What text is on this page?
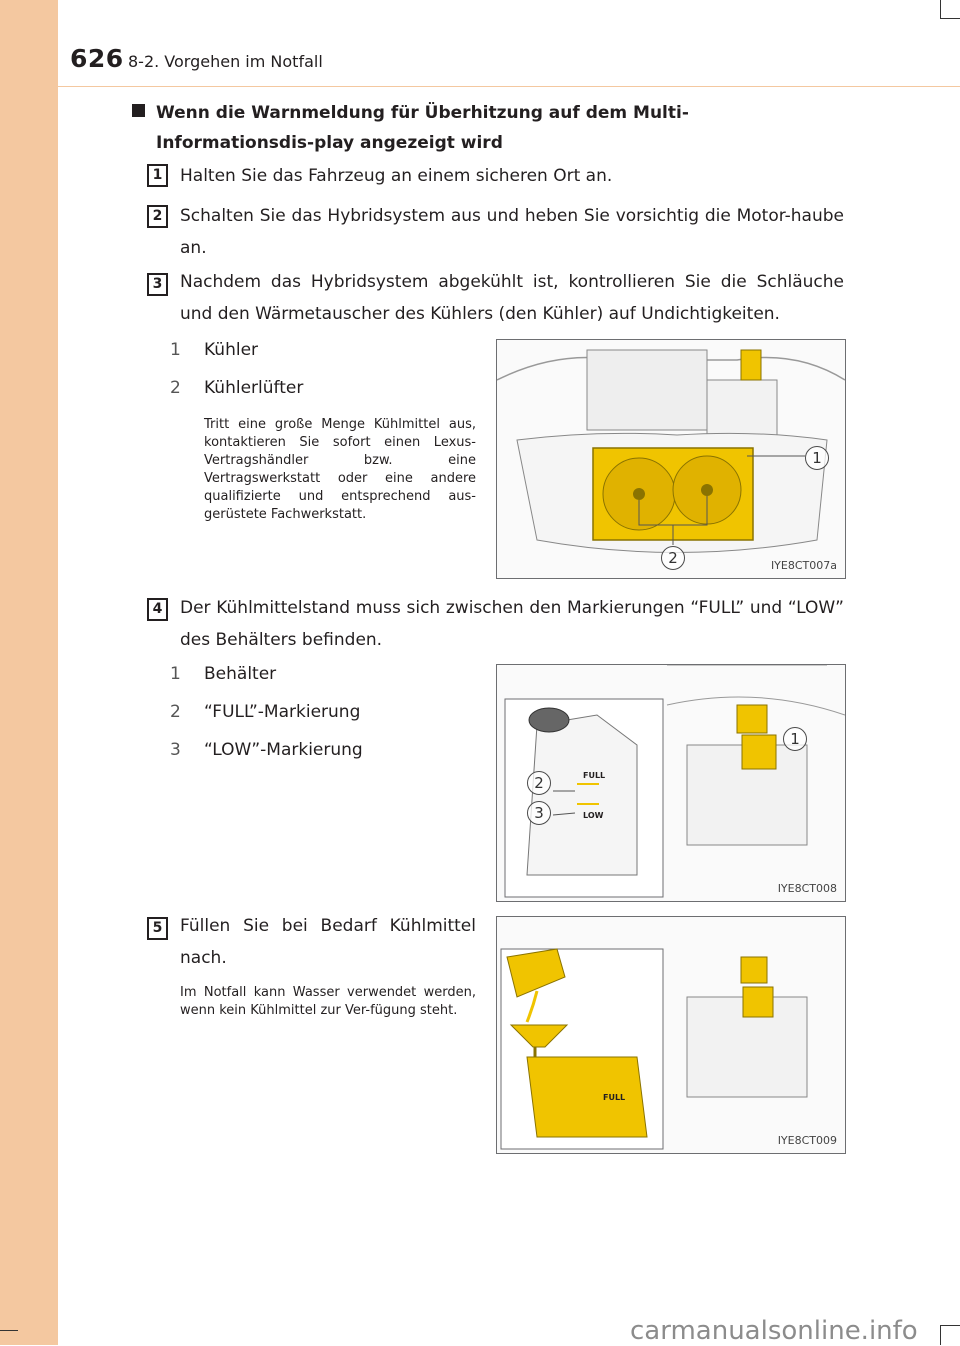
626 8-2. Vorgehen im Notfall
Wenn die Warnmeldung für Überhitzung auf dem Multi-Informationsdis-play angezeigt wird
1	Halten Sie das Fahrzeug an einem sicheren Ort an.
2	Schalten Sie das Hybridsystem aus und heben Sie vorsichtig die Motor-haube an.
3	Nachdem das Hybridsystem abgekühlt ist, kontrollieren Sie die Schläuche und den Wärmetauscher des Kühlers (den Kühler) auf Undichtigkeiten.
1 Kühler
2 Kühlerlüfter
Tritt eine große Menge Kühlmittel aus, kontaktieren Sie sofort einen Lexus-Vertragshändler bzw. eine Vertragswerkstatt oder eine andere qualifizierte und entsprechend aus-gerüstete Fachwerkstatt.
1
2	IYE8CT007a
4	Der Kühlmittelstand muss sich zwischen den Markierungen “FULL” und “LOW” des Behälters befinden.
1 Behälter
2 “FULL”-Markierung
3 “LOW”-Markierung
FULL
LOW
1
2
3
IYE8CT008
5	Füllen Sie bei Bedarf Kühlmittel nach.
Im Notfall kann Wasser verwendet werden, wenn kein Kühlmittel zur Ver-fügung steht.
FULL
IYE8CT009
carmanualsonline.info
